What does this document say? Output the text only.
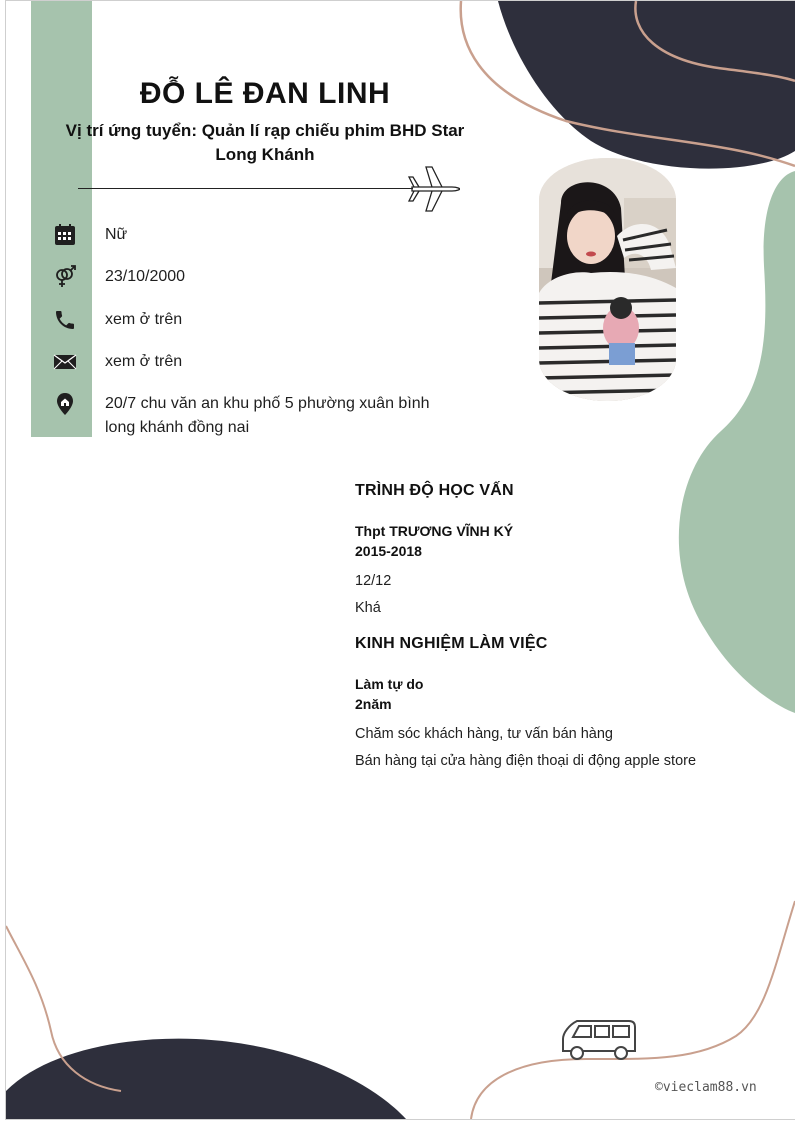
ĐỖ LÊ ĐAN LINH
Vị trí ứng tuyển: Quản lí rạp chiếu phim BHD Star Long Khánh
Nữ
23/10/2000
xem ở trên
xem ở trên
20/7 chu văn an khu phố 5 phường xuân bình long khánh đồng nai
TRÌNH ĐỘ HỌC VẤN
Thpt TRƯƠNG VĨNH KÝ
2015-2018
12/12
Khá
KINH NGHIỆM LÀM VIỆC
Làm tự do
2năm
Chăm sóc khách hàng, tư vấn bán hàng
Bán hàng tại cửa hàng điện thoại di động apple store
©vieclam88.vn
